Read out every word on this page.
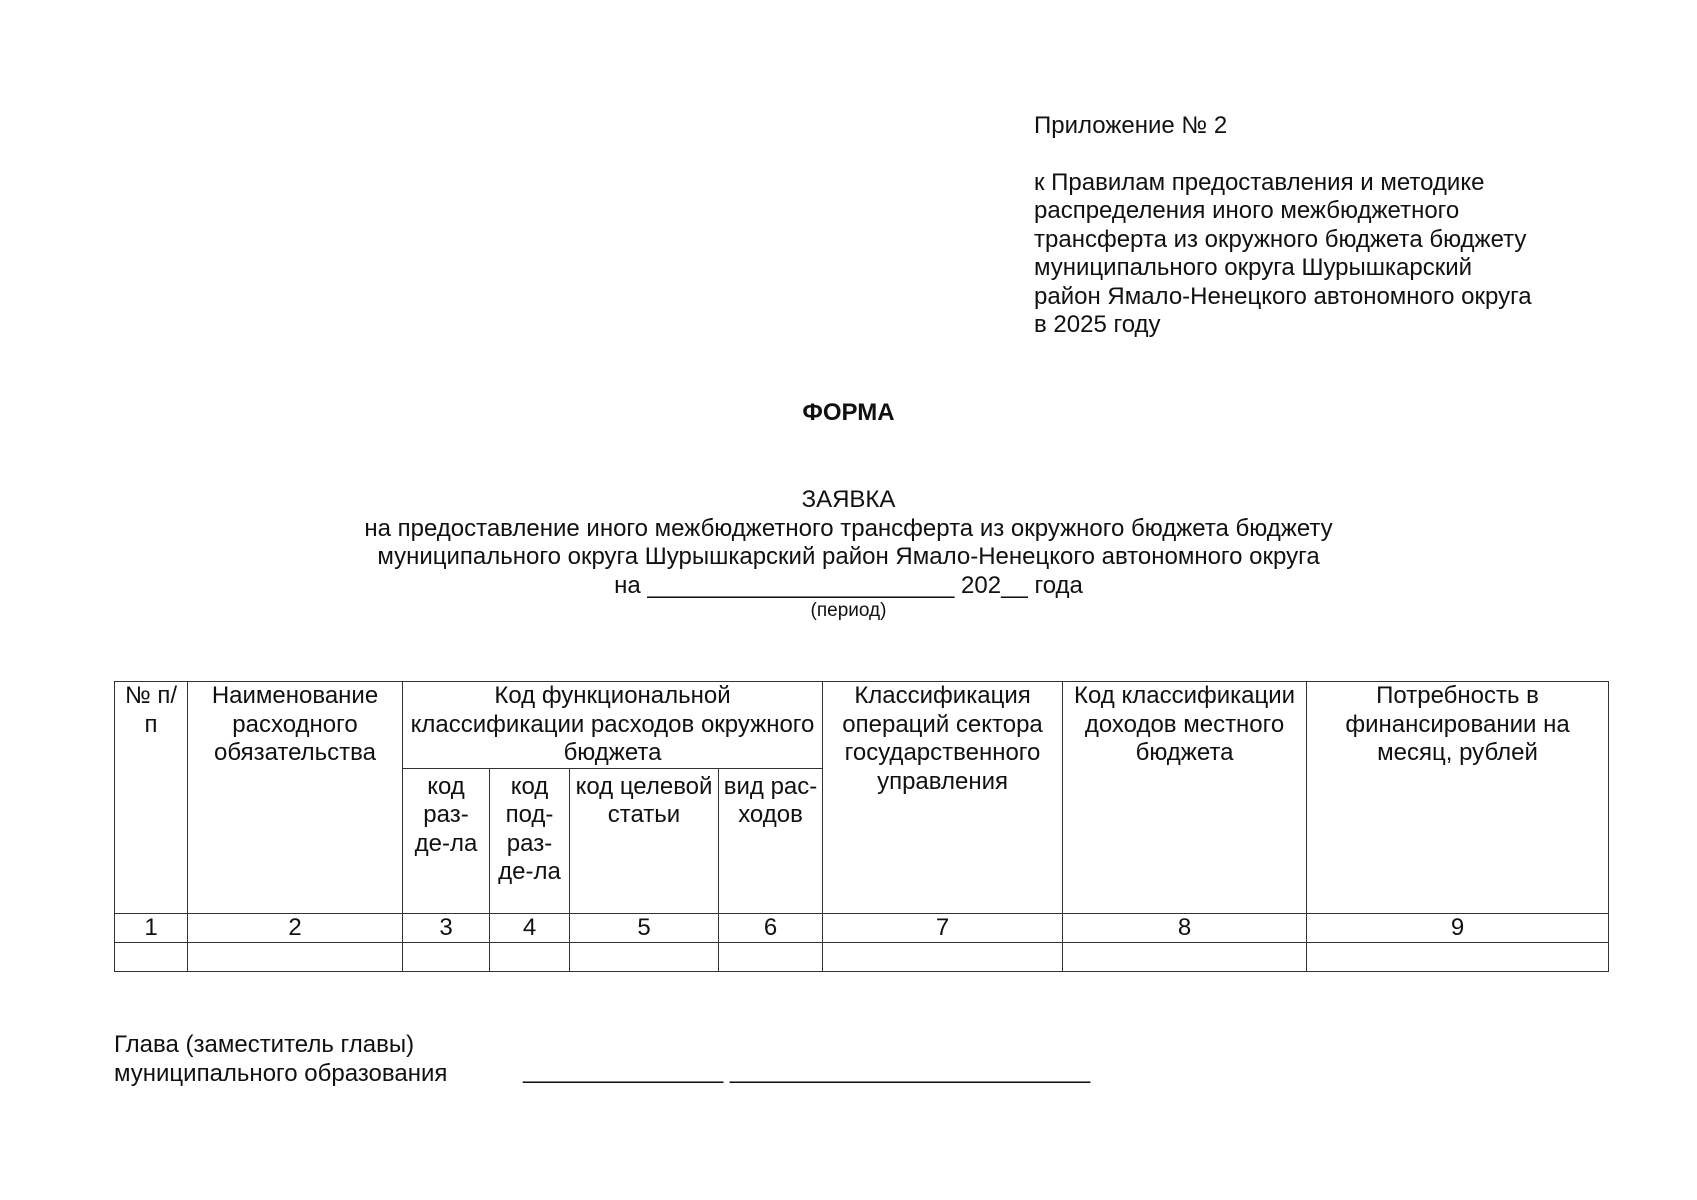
Приложение № 2
к Правилам предоставления и методике
распределения иного межбюджетного
трансферта из окружного бюджета бюджету
муниципального округа Шурышкарский
район Ямало-Ненецкого автономного округа
в 2025 году
ФОРМА
ЗАЯВКА
на предоставление иного межбюджетного трансферта из окружного бюджета бюджету
муниципального округа Шурышкарский район Ямало-Ненецкого автономного округа
на _______________________ 202__ года
(период)
№ п/п	Наименование расходного обязательства	Код функциональной классификации расходов окружного бюджета				Классификация операций сектора государственного управления	Код классификации доходов местного бюджета	Потребность в финансировании на месяц, рублей
		код раз-де-ла	код под-раз-де-ла	код целевой статьи	вид рас-ходов			
1	2	3	4	5	6	7	8	9

Глава (заместитель главы)
муниципального образования	_______________ ___________________________
